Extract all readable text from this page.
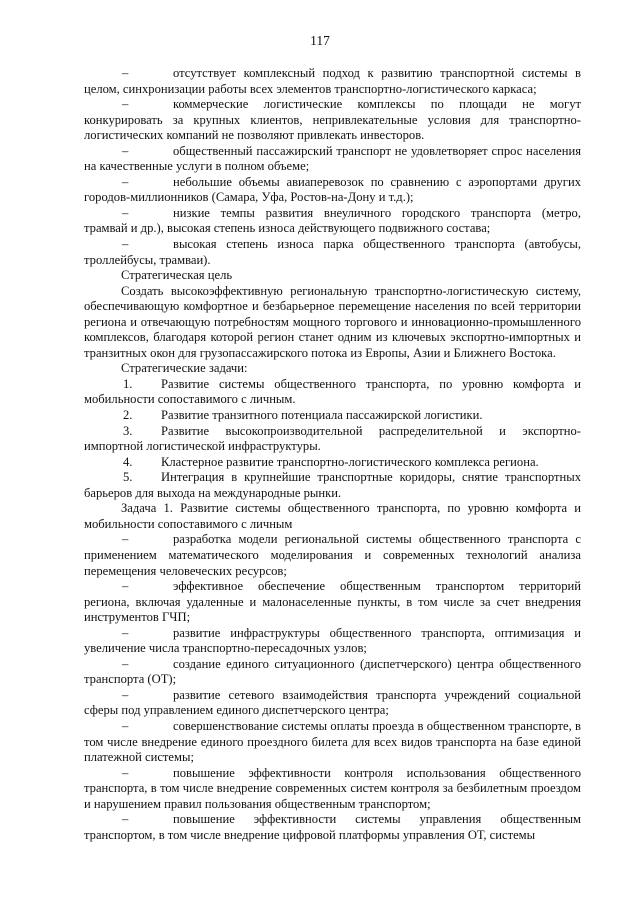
117

–	отсутствует комплексный подход к развитию транспортной системы в целом, синхронизации работы всех элементов транспортно-логистического каркаса;

–	коммерческие логистические комплексы по площади не могут конкурировать за крупных клиентов, непривлекательные условия для транспортно-логистических компаний не позволяют привлекать инвесторов.

–	общественный пассажирский транспорт не удовлетворяет спрос населения на качественные услуги в полном объеме;

–	небольшие объемы авиаперевозок по сравнению с аэропортами других городов-миллионников (Самара, Уфа, Ростов-на-Дону и т.д.);

–	низкие темпы развития внеуличного городского транспорта (метро, трамвай и др.), высокая степень износа действующего подвижного состава;

–	высокая степень износа парка общественного транспорта (автобусы, троллейбусы, трамваи).

Стратегическая цель

Создать высокоэффективную региональную транспортно-логистическую систему, обеспечивающую комфортное и безбарьерное перемещение населения по всей территории региона и отвечающую потребностям мощного торгового и инновационно-промышленного комплексов, благодаря которой регион станет одним из ключевых экспортно-импортных и транзитных окон для грузопассажирского потока из Европы, Азии и Ближнего Востока.

Стратегические задачи:

1. Развитие системы общественного транспорта, по уровню комфорта и мобильности сопоставимого с личным.

2. Развитие транзитного потенциала пассажирской логистики.

3. Развитие высокопроизводительной распределительной и экспортно-импортной логистической инфраструктуры.

4. Кластерное развитие транспортно-логистического комплекса региона.

5. Интеграция в крупнейшие транспортные коридоры, снятие транспортных барьеров для выхода на международные рынки.

Задача 1. Развитие системы общественного транспорта, по уровню комфорта и мобильности сопоставимого с личным

–	разработка модели региональной системы общественного транспорта с применением математического моделирования и современных технологий анализа перемещения человеческих ресурсов;

–	эффективное обеспечение общественным транспортом территорий региона, включая удаленные и малонаселенные пункты, в том числе за счет внедрения инструментов ГЧП;

–	развитие инфраструктуры общественного транспорта, оптимизация и увеличение числа транспортно-пересадочных узлов;

–	создание единого ситуационного (диспетчерского) центра общественного транспорта (ОТ);

–	развитие сетевого взаимодействия транспорта учреждений социальной сферы под управлением единого диспетчерского центра;

–	совершенствование системы оплаты проезда в общественном транспорте, в том числе внедрение единого проездного билета для всех видов транспорта на базе единой платежной системы;

–	повышение эффективности контроля использования общественного транспорта, в том числе внедрение современных систем контроля за безбилетным проездом и нарушением правил пользования общественным транспортом;

–	повышение эффективности системы управления общественным транспортом, в том числе внедрение цифровой платформы управления ОТ, системы
